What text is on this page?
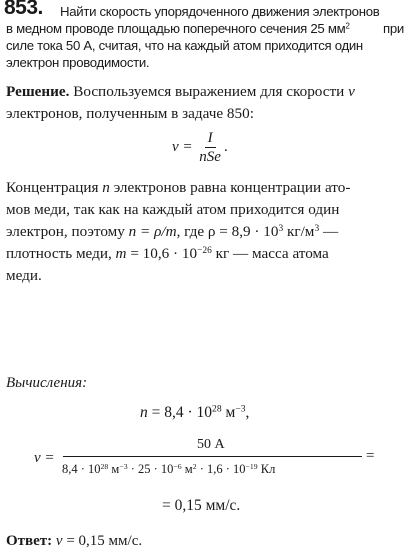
853. Найти скорость упорядоченного движения электронов
в медном проводе площадью поперечного сечения 25 $мм^2$	при
силе тока 50 А, считая, что на каждый атом приходится один
электрон проводимости.
Решение. Воспользуемся выражением для скорости v
электронов, полученным в задаче 850:
$v = \frac{I}{\text{nSe}}$ .
Концентрация n электронов равна концентрации ато-
мов меди, так как на каждый атом приходится один
электрон, поэтому n = ρ/m, где $\rho = 8,9 \cdot 10^3$ $кг/м^3$ —
плотность меди, $m = 10,6 \cdot 10^{-26}$ кг — масса атома
меди.
Вычисления:
$n = 8,4 \cdot 10^{28}$ $м^{-3}$,
v =
50 А
$8,4 \cdot 10^{28}$ $м^{-3} \cdot 25 \cdot 10^{-6}$ $м^2 \cdot 1,6 \cdot 10^{-19}$ Кл
=
= 0,15 мм/с.
Ответ: v = 0,15 мм/с.
